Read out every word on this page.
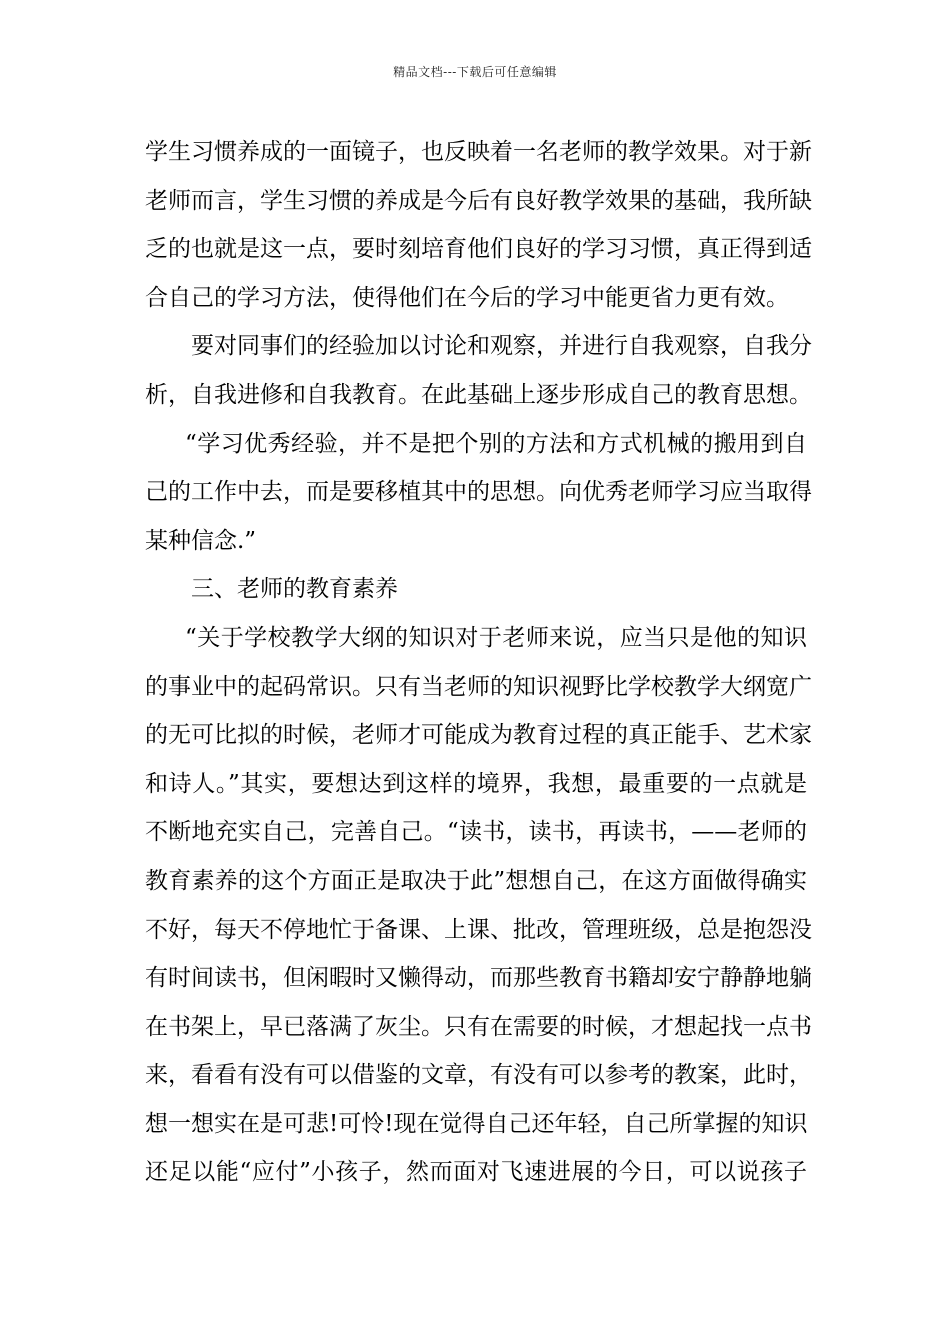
精品文档---下载后可任意编辑
学生习惯养成的一面镜子，也反映着一名老师的教学效果。对于新
老师而言，学生习惯的养成是今后有良好教学效果的基础，我所缺
乏的也就是这一点，要时刻培育他们良好的学习习惯，真正得到适
合自己的学习方法，使得他们在今后的学习中能更省力更有效。
要对同事们的经验加以讨论和观察，并进行自我观察，自我分
析，自我进修和自我教育。在此基础上逐步形成自己的教育思想。
“学习优秀经验，并不是把个别的方法和方式机械的搬用到自
己的工作中去，而是要移植其中的思想。向优秀老师学习应当取得
某种信念.”
三、老师的教育素养
“关于学校教学大纲的知识对于老师来说，应当只是他的知识
的事业中的起码常识。只有当老师的知识视野比学校教学大纲宽广
的无可比拟的时候，老师才可能成为教育过程的真正能手、艺术家
和诗人。”其实，要想达到这样的境界，我想，最重要的一点就是
不断地充实自己，完善自己。“读书，读书，再读书，——老师的
教育素养的这个方面正是取决于此”想想自己，在这方面做得确实
不好，每天不停地忙于备课、上课、批改，管理班级，总是抱怨没
有时间读书，但闲暇时又懒得动，而那些教育书籍却安宁静静地躺
在书架上，早已落满了灰尘。只有在需要的时候，才想起找一点书
来，看看有没有可以借鉴的文章，有没有可以参考的教案，此时，
想一想实在是可悲!可怜!现在觉得自己还年轻，自己所掌握的知识
还足以能“应付”小孩子，然而面对飞速进展的今日，可以说孩子
